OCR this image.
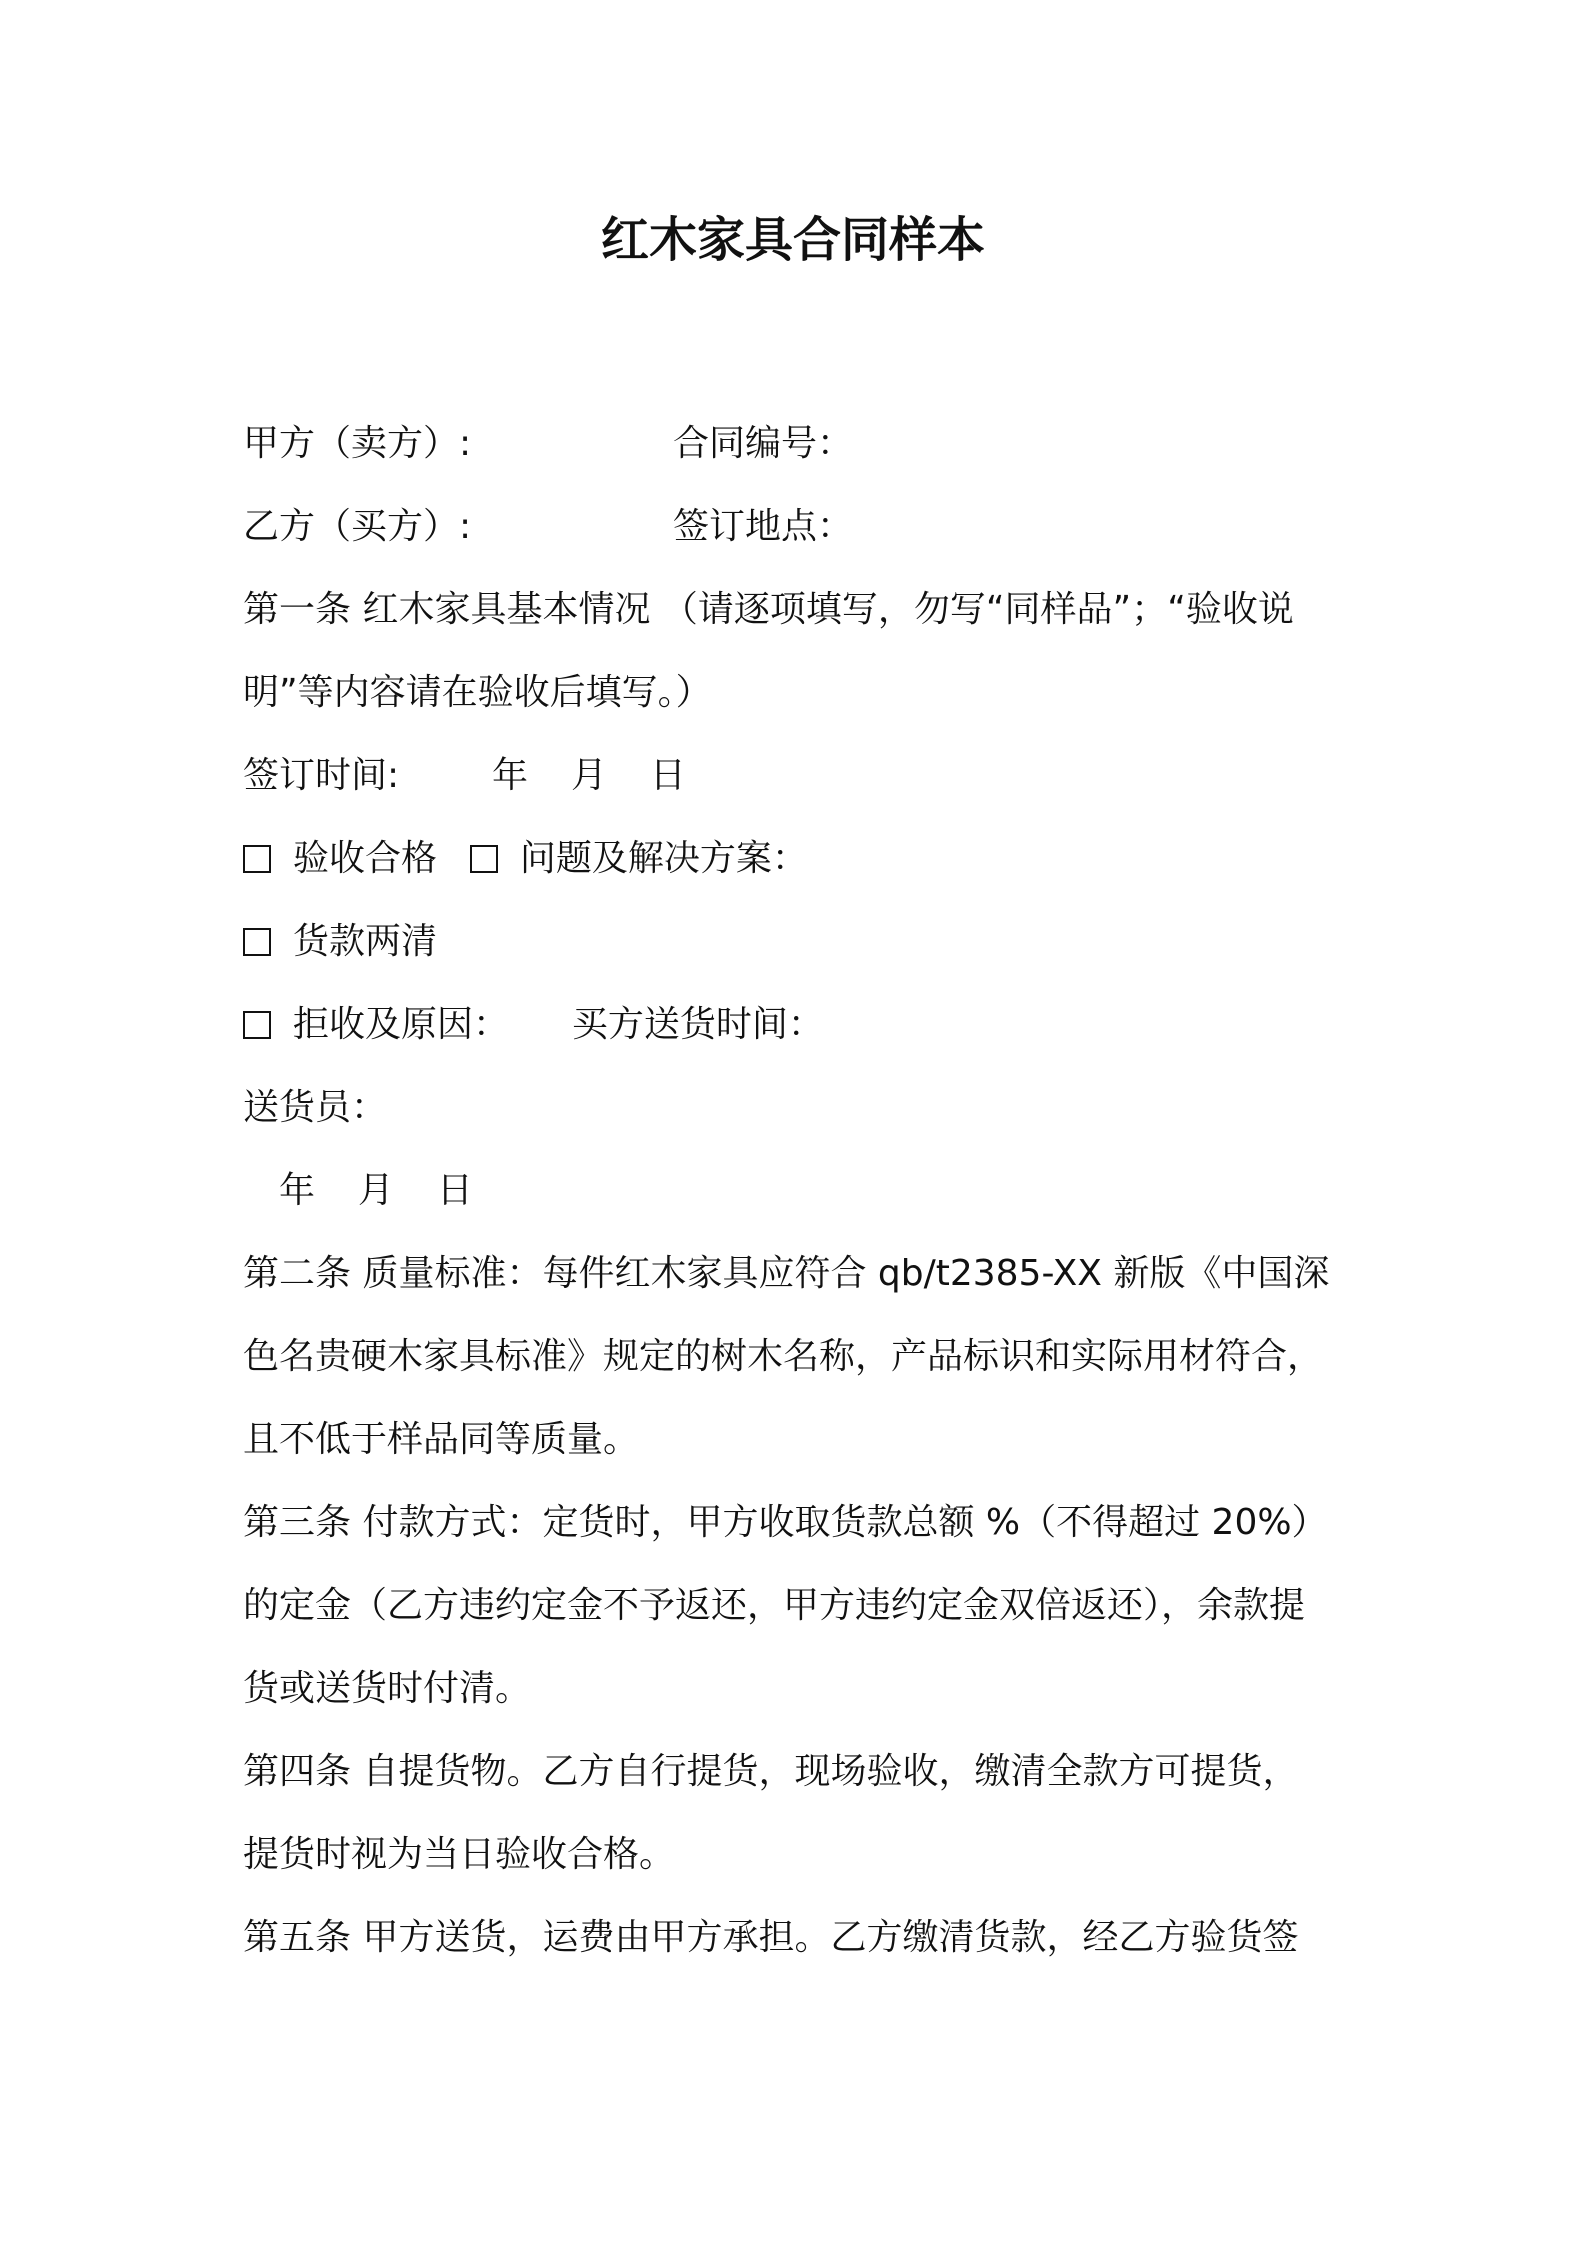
红木家具合同样本
甲方（卖方）:	合同编号：
乙方（买方）:	签订地点：
第一条 红木家具基本情况 （请逐项填写，勿写“同样品”；“验收说
明”等内容请在验收后填写。）
签订时间:	年 月 日
验收合格 问题及解决方案：
货款两清
拒收及原因： 买方送货时间：
送货员：
年 月 日
第二条 质量标准：每件红木家具应符合 qb/t2385-XX 新版《中国深
色名贵硬木家具标准》规定的树木名称，产品标识和实际用材符合，
且不低于样品同等质量。
第三条 付款方式：定货时，甲方收取货款总额 %（不得超过 20%）
的定金（乙方违约定金不予返还，甲方违约定金双倍返还），余款提
货或送货时付清。
第四条 自提货物。乙方自行提货，现场验收，缴清全款方可提货，
提货时视为当日验收合格。
第五条 甲方送货，运费由甲方承担。乙方缴清货款，经乙方验货签
